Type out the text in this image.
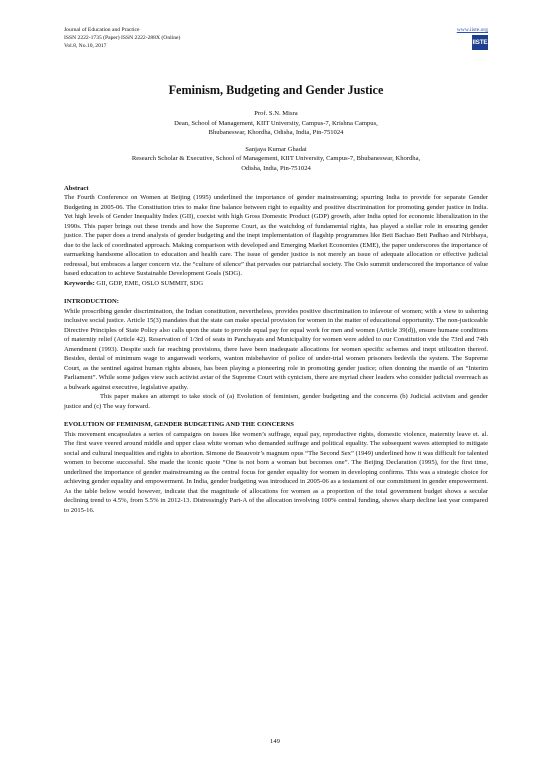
Journal of Education and Practice
ISSN 2222-1735 (Paper) ISSN 2222-288X (Online)
Vol.8, No.10, 2017
www.iiste.org
IISTE
Feminism, Budgeting and Gender Justice
Prof. S.N. Misra
Dean, School of Management, KIIT University, Campus-7, Krishna Campus,
Bhubaneswar, Khordha, Odisha, India, Pin-751024
Sanjaya Kumar Ghadai
Research Scholar & Executive, School of Management, KIIT University, Campus-7, Bhubaneswar, Khordha,
Odisha, India, Pin-751024
Abstract

The Fourth Conference on Women at Beijing (1995) underlined the importance of gender mainstreaming; spurring India to provide for separate Gender Budgeting in 2005-06. The Constitution tries to make fine balance between right to equality and positive discrimination for promoting gender justice in India. Yet high levels of Gender Inequality Index (GII), coexist with high Gross Domestic Product (GDP) growth, after India opted for economic liberalization in the 1990s. This paper brings out these trends and how the Supreme Court, as the watchdog of fundamental rights, has played a stellar role in ensuring gender justice. The paper does a trend analysis of gender budgeting and the inept implementation of flagship programmes like Beti Bachao Beti Padhao and Nirbhaya, due to the lack of coordinated approach. Making comparison with developed and Emerging Market Economies (EME), the paper underscores the importance of earmarking handsome allocation to education and health care. The issue of gender justice is not merely an issue of adequate allocation or effective judicial redressal, but embraces a larger concern viz. the “culture of silence” that pervades our patriarchal society. The Oslo summit underscored the importance of value based education to achieve Sustainable Development Goals (SDG).

Keywords: GII, GDP, EME, OSLO SUMMIT, SDG
INTRODUCTION:

While proscribing gender discrimination, the Indian constitution, nevertheless, provides positive discrimination to infavour of women; with a view to ushering inclusive social justice. Article 15(3) mandates that the state can make special provision for women in the matter of educational opportunity. The non-justiceable Directive Principles of State Policy also calls upon the state to provide equal pay for equal work for men and women (Article 39(d)), ensure humane conditions of maternity relief (Article 42). Reservation of 1/3rd of seats in Panchayats and Municipality for women were added to our Constitution vide the 73rd and 74th Amendment (1993). Despite such far reaching provisions, there have been inadequate allocations for women specific schemes and inept utilization thereof. Besides, denial of minimum wage to anganwadi workers, wanton misbehavior of police of under-trial women prisoners bedevils the system. The Supreme Court, as the sentinel against human rights abuses, has been playing a pioneering role in promoting gender justice; often donning the mantle of an “Interim Parliament”. While some judges view such activist avtar of the Supreme Court with cynicism, there are myriad cheer leaders who consider judicial overreach as a bulwark against executive, legislative apathy.

This paper makes an attempt to take stock of (a) Evolution of feminism, gender budgeting and the concerns (b) Judicial activism and gender justice and (c) The way forward.

EVOLUTION OF FEMINISM, GENDER BUDGETING AND THE CONCERNS

This movement encapsulates a series of campaigns on issues like women’s suffrage, equal pay, reproductive rights, domestic violence, maternity leave et. al. The first wave veered around middle and upper class white woman who demanded suffrage and political equality. The subsequent waves attempted to mitigate social and cultural inequalities and rights to abortion. Simone de Beauvoir’s magnum opus “The Second Sex” (1949) underlined how it was difficult for talented women to become successful. She made the iconic quote “One is not born a woman but becomes one”. The Beijing Declaration (1995), for the first time, underlined the importance of gender mainstreaming as the central focus for gender equality for women in developing confirms. This was a strategic choice for achieving gender equality and empowerment. In India, gender budgeting was introduced in 2005-06 as a testament of our commitment in gender empowerment. As the table below would however, indicate that the magnitude of allocations for women as a proportion of the total government budget shows a secular declining trend to 4.5%, from 5.5% in 2012-13. Distressingly Part-A of the allocation involving 100% central funding, shows sharp decline last year compared to 2015-16.

149
